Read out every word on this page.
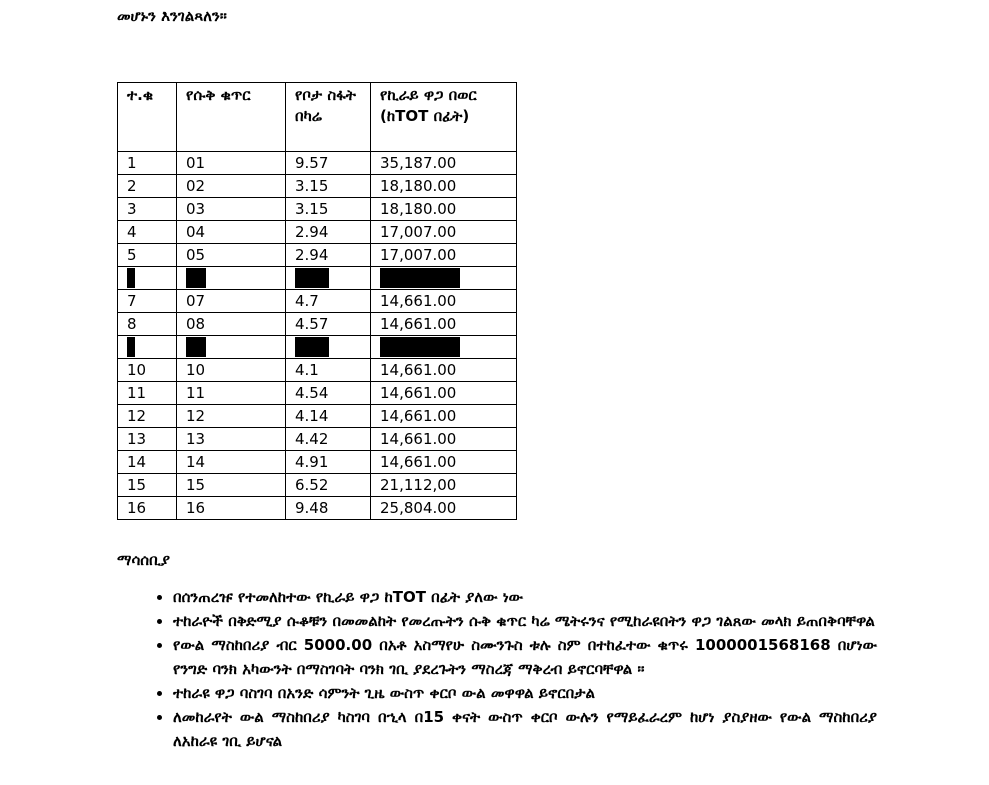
መሆኑን እንገልጻለን።
ተ.ቁ	የሱቅ ቁጥር	የቦታ ስፋት በካሬ	የኪራይ ዋጋ በወር (ከTOT በፊት)
1	01	9.57	35,187.00
2	02	3.15	18,180.00
3	03	3.15	18,180.00
4	04	2.94	17,007.00
5	05	2.94	17,007.00

7	07	4.7	14,661.00
8	08	4.57	14,661.00

10	10	4.1	14,661.00
11	11	4.54	14,661.00
12	12	4.14	14,661.00
13	13	4.42	14,661.00
14	14	4.91	14,661.00
15	15	6.52	21,112,00
16	16	9.48	25,804.00
ማሳሰቢያ
• በሰንጠረዡ የተመለከተው የኪራይ ዋጋ ከTOT በፊት ያለው ነው
• ተከራዮች በቅድሚያ ሱቆቹን በመመልከት የመረጡትን ሱቅ ቁጥር ካሬ ሜትሩንና የሚከራዩበትን ዋጋ ገልጸው መላክ ይጠበቅባቸዋል
• የውል ማስከበሪያ ብር 5000.00 በአቶ አስማየሁ ስሙንጉስ ቱሉ ስም በተከፈተው ቁጥሩ 1000001568168 በሆነው የንግድ ባንክ አካውንት በማስገባት ባንክ ገቢ ያደረጉትን ማስረጃ ማቅረብ ይኖርባቸዋል ።
• ተከራዩ ዋጋ ባስገባ በአንድ ሳምንት ጊዜ ውስጥ ቀርቦ ውል መዋዋል ይኖርበታል
• ለመከራየት ውል ማስከበሪያ ካስገባ በኂላ በ15 ቀናት ውስጥ ቀርቦ ውሉን የማይፈራረም ከሆነ ያስያዘው የውል ማስከበሪያ ለአከራዩ ገቢ ይሆናል
